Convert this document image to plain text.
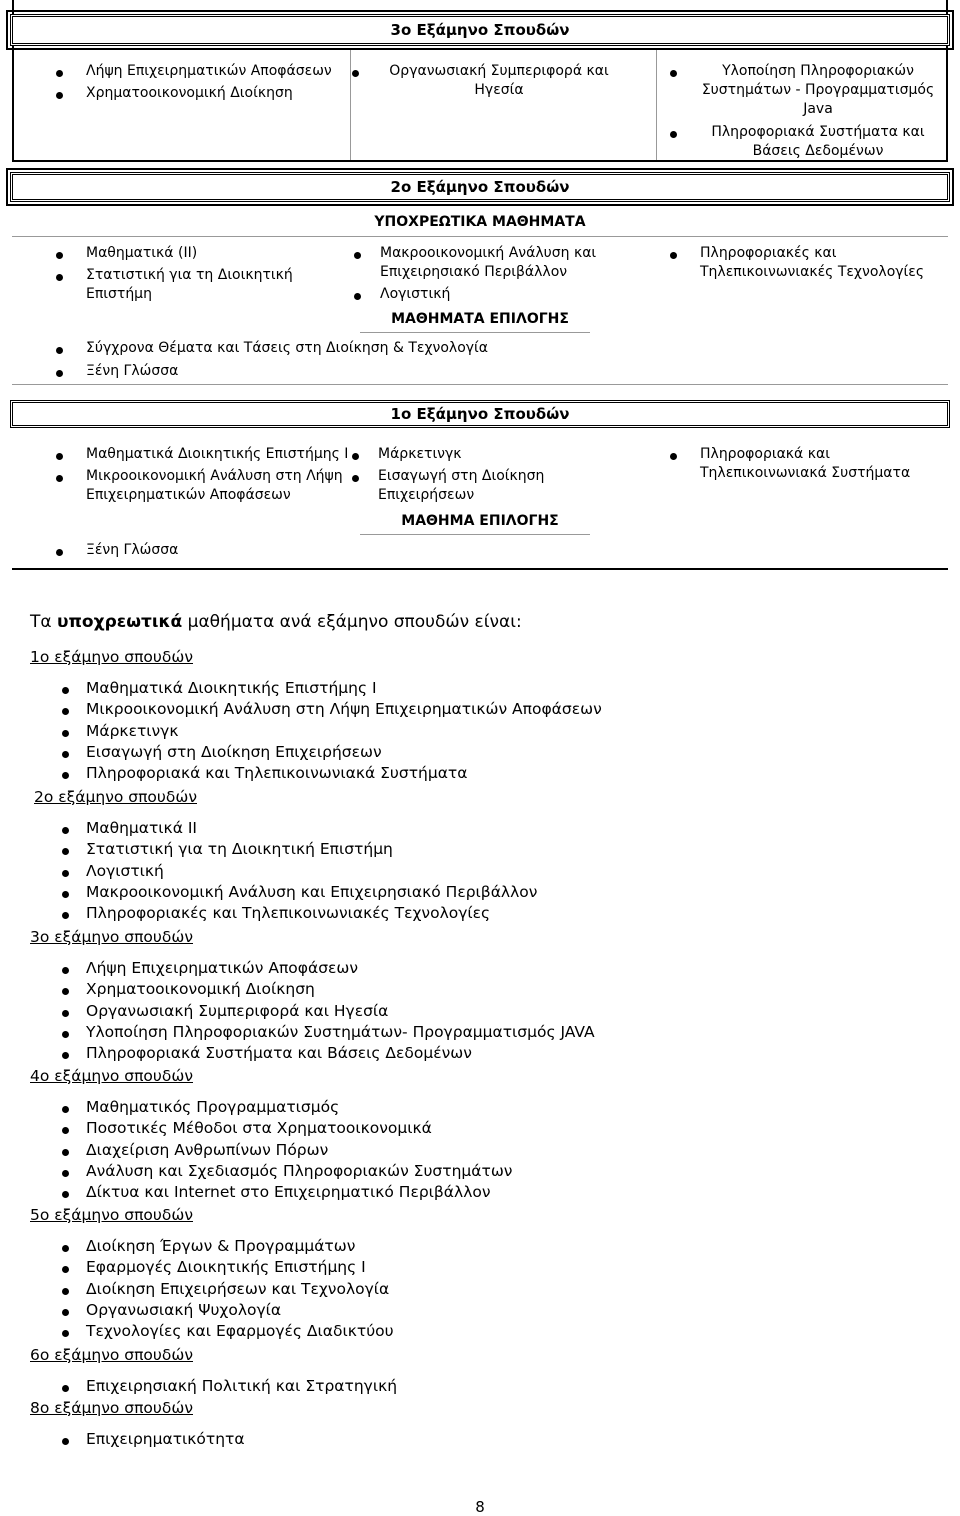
3ο Εξάμηνο Σπουδών
Λήψη Επιχειρηματικών Αποφάσεων
Χρηματοοικονομική Διοίκηση
Οργανωσιακή Συμπεριφορά και Ηγεσία
Υλοποίηση Πληροφοριακών Συστημάτων - Προγραμματισμός Java
Πληροφοριακά Συστήματα και Βάσεις Δεδομένων
2ο Εξάμηνο Σπουδών
ΥΠΟΧΡΕΩΤΙΚΑ ΜΑΘΗΜΑΤΑ
Μαθηματικά (ΙΙ)
Στατιστική για τη Διοικητική Επιστήμη
Μακροοικονομική Ανάλυση και Επιχειρησιακό Περιβάλλον
Λογιστική
Πληροφοριακές και Τηλεπικοινωνιακές Τεχνολογίες
ΜΑΘΗΜΑΤΑ ΕΠΙΛΟΓΗΣ
Σύγχρονα Θέματα και Τάσεις στη Διοίκηση & Τεχνολογία
Ξένη Γλώσσα
1ο Εξάμηνο Σπουδών
Μαθηματικά Διοικητικής Επιστήμης Ι
Μικροοικονομική Ανάλυση στη Λήψη Επιχειρηματικών Αποφάσεων
Μάρκετινγκ
Εισαγωγή στη Διοίκηση Επιχειρήσεων
Πληροφοριακά και Τηλεπικοινωνιακά Συστήματα
ΜΑΘΗΜΑ ΕΠΙΛΟΓΗΣ
Ξένη Γλώσσα
Τα υποχρεωτικά μαθήματα ανά εξάμηνο σπουδών είναι:
1ο εξάμηνο σπουδών
Μαθηματικά Διοικητικής Επιστήμης Ι
Μικροοικονομική Ανάλυση στη Λήψη Επιχειρηματικών Αποφάσεων
Μάρκετινγκ
Εισαγωγή στη Διοίκηση Επιχειρήσεων
Πληροφοριακά και Τηλεπικοινωνιακά Συστήματα
2ο εξάμηνο σπουδών
Μαθηματικά ΙΙ
Στατιστική για τη Διοικητική Επιστήμη
Λογιστική
Μακροοικονομική Ανάλυση και Επιχειρησιακό Περιβάλλον
Πληροφοριακές και Τηλεπικοινωνιακές Τεχνολογίες
3ο εξάμηνο σπουδών
Λήψη Επιχειρηματικών Αποφάσεων
Χρηματοοικονομική Διοίκηση
Οργανωσιακή Συμπεριφορά και Ηγεσία
Υλοποίηση Πληροφοριακών Συστημάτων- Προγραμματισμός JAVA
Πληροφοριακά Συστήματα και Βάσεις Δεδομένων
4ο εξάμηνο σπουδών
Μαθηματικός Προγραμματισμός
Ποσοτικές Μέθοδοι στα Χρηματοοικονομικά
Διαχείριση Ανθρωπίνων Πόρων
Ανάλυση και Σχεδιασμός Πληροφοριακών Συστημάτων
Δίκτυα και Internet στο Επιχειρηματικό Περιβάλλον
5ο εξάμηνο σπουδών
Διοίκηση Έργων & Προγραμμάτων
Εφαρμογές Διοικητικής Επιστήμης Ι
Διοίκηση Επιχειρήσεων και Τεχνολογία
Οργανωσιακή Ψυχολογία
Τεχνολογίες και Εφαρμογές Διαδικτύου
6ο εξάμηνο σπουδών
Επιχειρησιακή Πολιτική και Στρατηγική
8ο εξάμηνο σπουδών
Επιχειρηματικότητα
8
